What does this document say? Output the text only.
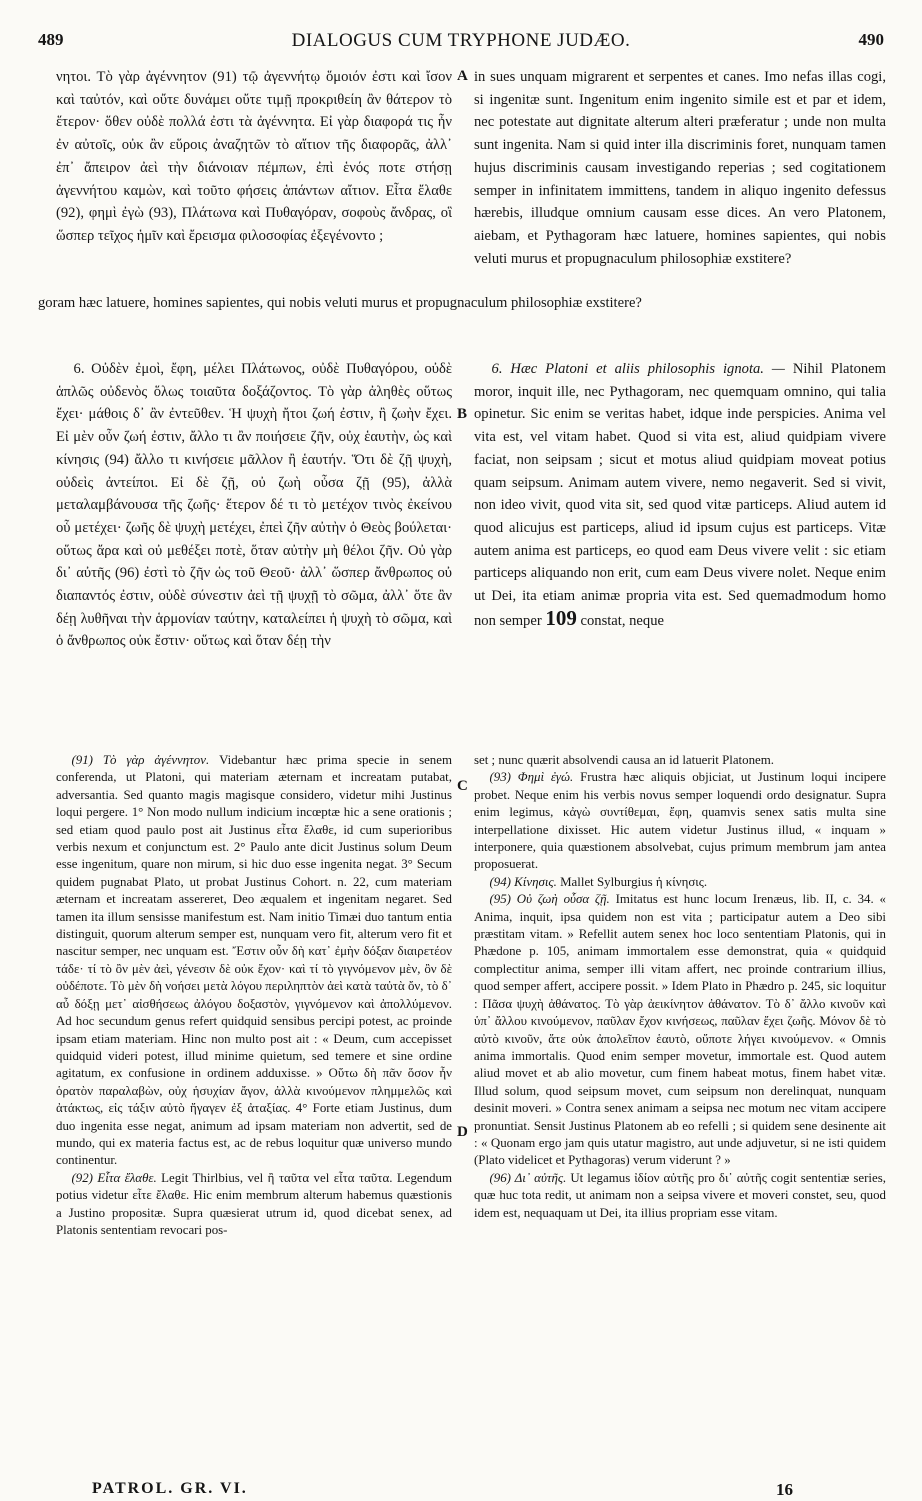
489	DIALOGUS CUM TRYPHONE JUDÆO.	490
A
B
C
D

νητοι. Τὸ γὰρ ἀγέννητον (91) τῷ ἀγεννήτῳ ὅμοιόν ἐστι καὶ ἴσον καὶ ταὐτόν, καὶ οὔτε δυνάμει οὔτε τιμῇ προκριθείη ἂν θάτερον τὸ ἕτερον· ὅθεν οὐδὲ πολλά ἐστι τὰ ἀγέννητα. Εἰ γὰρ διαφορά τις ἦν ἐν αὐτοῖς, οὐκ ἂν εὕροις ἀναζητῶν τὸ αἴτιον τῆς διαφορᾶς, ἀλλ᾽ ἐπ᾽ ἄπειρον ἀεὶ τὴν διάνοιαν πέμπων, ἐπὶ ἑνός ποτε στήσῃ ἀγεννήτου καμὼν, καὶ τοῦτο φήσεις ἁπάντων αἴτιον. Εἶτα ἔλαθε (92), φημὶ ἐγὼ (93), Πλάτωνα καὶ Πυθαγόραν, σοφοὺς ἄνδρας, οἳ ὥσπερ τεῖχος ἡμῖν καὶ ἔρεισμα φιλοσοφίας ἐξεγένοντο ;

goram hæc latuere, homines sapientes, qui nobis veluti murus et propugnaculum philosophiæ exstitere?

6. Οὐδὲν ἐμοὶ, ἔφη, μέλει Πλάτωνος, οὐδὲ Πυθαγόρου, οὐδὲ ἁπλῶς οὐδενὸς ὅλως τοιαῦτα δοξάζοντος. Τὸ γὰρ ἀληθὲς οὕτως ἔχει· μάθοις δ᾽ ἂν ἐντεῦθεν. Ἡ ψυχὴ ἤτοι ζωή ἐστιν, ἢ ζωὴν ἔχει. Εἰ μὲν οὖν ζωή ἐστιν, ἄλλο τι ἂν ποιήσειε ζῆν, οὐχ ἑαυτὴν, ὡς καὶ κίνησις (94) ἄλλο τι κινήσειε μᾶλλον ἢ ἑαυτήν. Ὅτι δὲ ζῇ ψυχὴ, οὐδεὶς ἀντείποι. Εἰ δὲ ζῇ, οὐ ζωὴ οὖσα ζῇ (95), ἀλλὰ μεταλαμβάνουσα τῆς ζωῆς· ἕτερον δέ τι τὸ μετέχον τινὸς ἐκείνου οὗ μετέχει· ζωῆς δὲ ψυχὴ μετέχει, ἐπεὶ ζῆν αὐτὴν ὁ Θεὸς βούλεται· οὕτως ἄρα καὶ οὐ μεθέξει ποτὲ, ὅταν αὐτὴν μὴ θέλοι ζῆν. Οὐ γὰρ δι᾽ αὐτῆς (96) ἐστὶ τὸ ζῆν ὡς τοῦ Θεοῦ· ἀλλ᾽ ὥσπερ ἄνθρωπος οὐ διαπαντός ἐστιν, οὐδὲ σύνεστιν ἀεὶ τῇ ψυχῇ τὸ σῶμα, ἀλλ᾽ ὅτε ἂν δέῃ λυθῆναι τὴν ἁρμονίαν ταύτην, καταλείπει ἡ ψυχὴ τὸ σῶμα, καὶ ὁ ἄνθρωπος οὐκ ἔστιν· οὕτως καὶ ὅταν δέῃ τὴν

in sues unquam migrarent et serpentes et canes. Imo nefas illas cogi, si ingenitæ sunt. Ingenitum enim ingenito simile est et par et idem, nec potestate aut dignitate alterum alteri præferatur ; unde non multa sunt ingenita. Nam si quid inter illa discriminis foret, nunquam tamen hujus discriminis causam investigando reperias ; sed cogitationem semper in infinitatem immittens, tandem in aliquo ingenito defessus hærebis, illudque omnium causam esse dices. An vero Platonem, aiebam, et Pythagoram hæc latuere, homines sapientes, qui nobis veluti murus et propugnaculum philosophiæ exstitere?

6. Hæc Platoni et aliis philosophis ignota. — Nihil Platonem moror, inquit ille, nec Pythagoram, nec quemquam omnino, qui talia opinetur. Sic enim se veritas habet, idque inde perspicies. Anima vel vita est, vel vitam habet. Quod si vita est, aliud quidpiam vivere faciat, non seipsam ; sicut et motus aliud quidpiam moveat potius quam seipsum. Animam autem vivere, nemo negaverit. Sed si vivit, non ideo vivit, quod vita sit, sed quod vitæ particeps. Aliud autem id quod alicujus est particeps, aliud id ipsum cujus est particeps. Vitæ autem anima est particeps, eo quod eam Deus vivere velit : sic etiam particeps aliquando non erit, cum eam Deus vivere nolet. Neque enim ut Dei, ita etiam animæ propria vita est. Sed quemadmodum homo non semper 109 constat, neque

(91) Τὸ γὰρ ἀγέννητον. Videbantur hæc prima specie in senem conferenda, ut Platoni, qui materiam æternam et increatam putabat, adversantia. Sed quanto magis magisque considero, videtur mihi Justinus loqui pergere. 1° Non modo nullum indicium incœptæ hic a sene orationis ; sed etiam quod paulo post ait Justinus εἶτα ἔλαθε, id cum superioribus verbis nexum et conjunctum est. 2° Paulo ante dicit Justinus solum Deum esse ingenitum, quare non mirum, si hic duo esse ingenita negat. 3° Secum quidem pugnabat Plato, ut probat Justinus Cohort. n. 22, cum materiam æternam et increatam assereret, Deo æqualem et ingenitam negaret. Sed tamen ita illum sensisse manifestum est. Nam initio Timæi duo tantum entia distinguit, quorum alterum semper est, nunquam vero fit, alterum vero fit et nascitur semper, nec unquam est. Ἔστιν οὖν δὴ κατ᾽ ἐμὴν δόξαν διαιρετέον τάδε· τί τὸ ὂν μὲν ἀεὶ, γένεσιν δὲ οὐκ ἔχον· καὶ τί τὸ γιγνόμενον μὲν, ὂν δὲ οὐδέποτε. Τὸ μὲν δὴ νοήσει μετὰ λόγου περιληπτὸν ἀεὶ κατὰ ταὐτὰ ὄν, τὸ δ᾽ αὖ δόξῃ μετ᾽ αἰσθήσεως ἀλόγου δοξαστὸν, γιγνόμενον καὶ ἀπολλύμενον. Ad hoc secundum genus refert quidquid sensibus percipi potest, ac proinde ipsam etiam materiam. Hinc non multo post ait : « Deum, cum accepisset quidquid videri potest, illud minime quietum, sed temere et sine ordine agitatum, ex confusione in ordinem adduxisse. » Οὕτω δὴ πᾶν ὅσον ἦν ὁρατὸν παραλαβὼν, οὐχ ἡσυχίαν ἄγον, ἀλλὰ κινούμενον πλημμελῶς καὶ ἀτάκτως, εἰς τάξιν αὐτὸ ἤγαγεν ἐξ ἀταξίας. 4° Forte etiam Justinus, dum duo ingenita esse negat, animum ad ipsam materiam non advertit, sed de mundo, qui ex materia factus est, ac de rebus loquitur quæ universo mundo continentur.

(92) Εἶτα ἔλαθε. Legit Thirlbius, vel ἢ ταῦτα vel εἶτα ταῦτα. Legendum potius videtur εἶτε ἔλαθε. Hic enim membrum alterum habemus quæstionis a Justino propositæ. Supra quæsierat utrum id, quod dicebat senex, ad Platonis sententiam revocari pos-

set ; nunc quærit absolvendi causa an id latuerit Platonem.

(93) Φημὶ ἐγώ. Frustra hæc aliquis objiciat, ut Justinum loqui incipere probet. Neque enim his verbis novus semper loquendi ordo designatur. Supra enim legimus, κἀγὼ συντίθεμαι, ἔφη, quamvis senex satis multa sine interpellatione dixisset. Hic autem videtur Justinus illud, « inquam » interponere, quia quæstionem absolvebat, cujus primum membrum jam antea proposuerat.

(94) Κίνησις. Mallet Sylburgius ἡ κίνησις.

(95) Οὐ ζωὴ οὖσα ζῇ. Imitatus est hunc locum Irenæus, lib. II, c. 34. « Anima, inquit, ipsa quidem non est vita ; participatur autem a Deo sibi præstitam vitam. » Refellit autem senex hoc loco sententiam Platonis, qui in Phædone p. 105, animam immortalem esse demonstrat, quia « quidquid complectitur anima, semper illi vitam affert, nec proinde contrarium illius, quod semper affert, accipere possit. » Idem Plato in Phædro p. 245, sic loquitur : Πᾶσα ψυχὴ ἀθάνατος. Τὸ γὰρ ἀεικίνητον ἀθάνατον. Τὸ δ᾽ ἄλλο κινοῦν καὶ ὑπ᾽ ἄλλου κινούμενον, παῦλαν ἔχον κινήσεως, παῦλαν ἔχει ζωῆς. Μόνον δὲ τὸ αὐτὸ κινοῦν, ἅτε οὐκ ἀπολεῖπον ἑαυτὸ, οὔποτε λήγει κινούμενον. « Omnis anima immortalis. Quod enim semper movetur, immortale est. Quod autem aliud movet et ab alio movetur, cum finem habeat motus, finem habet vitæ. Illud solum, quod seipsum movet, cum seipsum non derelinquat, nunquam desinit moveri. » Contra senex animam a seipsa nec motum nec vitam accipere pronuntiat. Sensit Justinus Platonem ab eo refelli ; si quidem sene desinente ait : « Quonam ergo jam quis utatur magistro, aut unde adjuvetur, si ne isti quidem (Plato videlicet et Pythagoras) verum viderunt ? »

(96) Δι᾽ αὐτῆς. Ut legamus ἰδίον αὐτῆς pro δι᾽ αὐτῆς cogit sententiæ series, quæ huc tota redit, ut animam non a seipsa vivere et moveri constet, seu, quod idem est, nequaquam ut Dei, ita illius propriam esse vitam.

PATROL. GR. VI.	16
